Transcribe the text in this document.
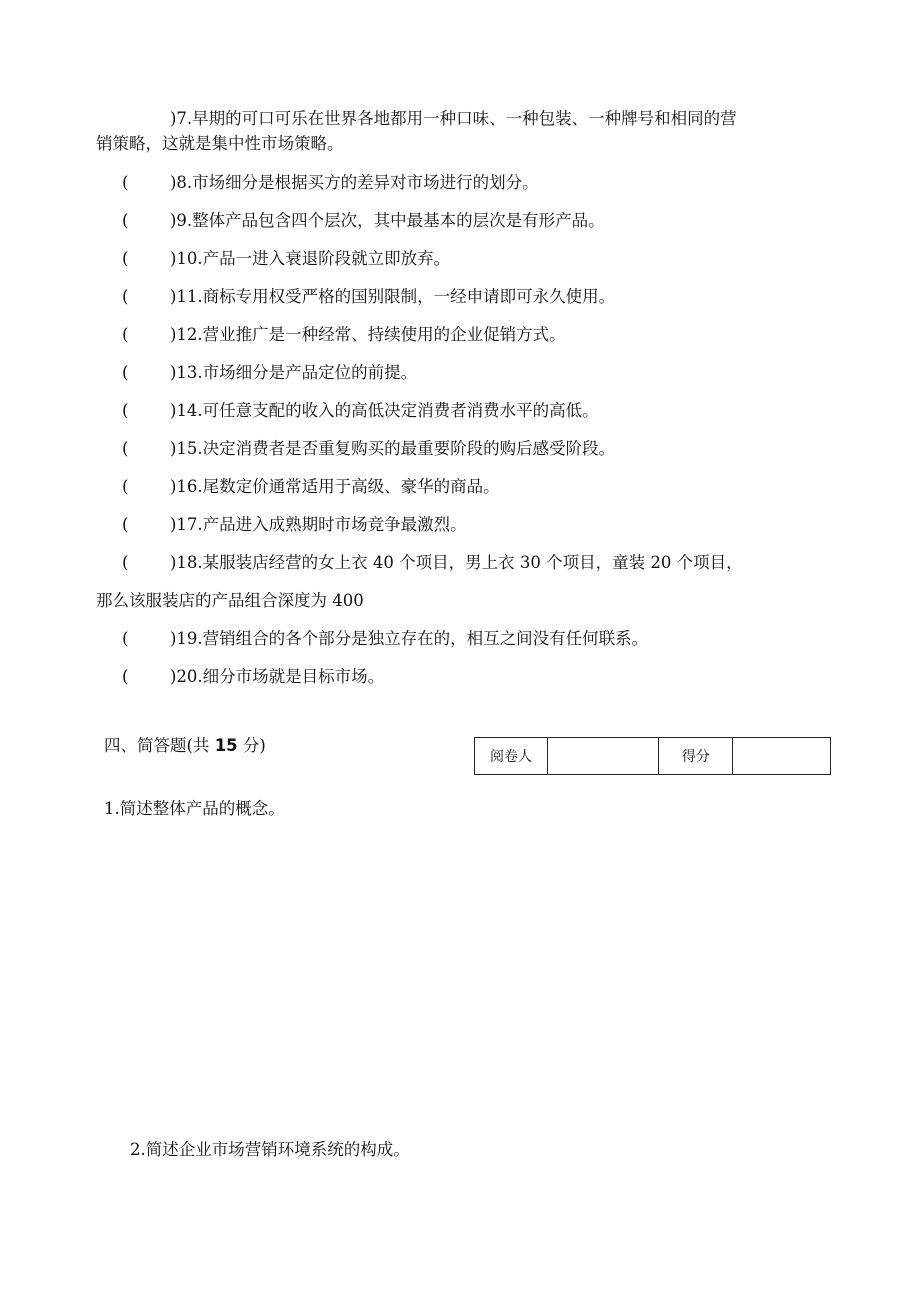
)7.早期的可口可乐在世界各地都用一种口味、一种包装、一种牌号和相同的营
销策略，这就是集中性市场策略。
(	)8.市场细分是根据买方的差异对市场进行的划分。
(	)9.整体产品包含四个层次，其中最基本的层次是有形产品。
(	)10.产品一进入衰退阶段就立即放弃。
(	)11.商标专用权受严格的国别限制，一经申请即可永久使用。
(	)12.营业推广是一种经常、持续使用的企业促销方式。
(	)13.市场细分是产品定位的前提。
(	)14.可任意支配的收入的高低决定消费者消费水平的高低。
(	)15.决定消费者是否重复购买的最重要阶段的购后感受阶段。
(	)16.尾数定价通常适用于高级、豪华的商品。
(	)17.产品进入成熟期时市场竞争最激烈。
(	)18.某服装店经营的女上衣 40 个项目，男上衣 30 个项目，童装 20 个项目，
那么该服装店的产品组合深度为 400
(	)19.营销组合的各个部分是独立存在的，相互之间没有任何联系。
(	)20.细分市场就是目标市场。
四、简答题(共 15 分)
阅卷人		得分	
1.简述整体产品的概念。
2.简述企业市场营销环境系统的构成。
